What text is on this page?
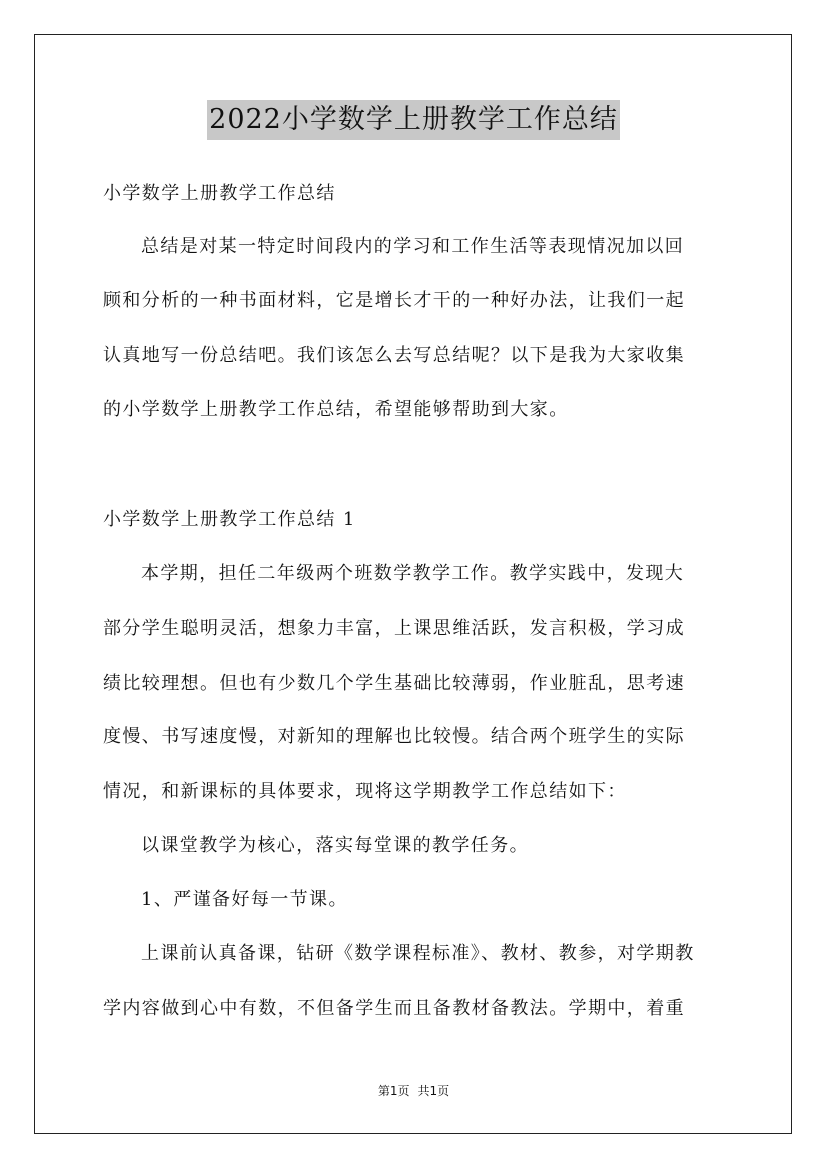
2022小学数学上册教学工作总结
小学数学上册教学工作总结
总结是对某一特定时间段内的学习和工作生活等表现情况加以回
顾和分析的一种书面材料，它是增长才干的一种好办法，让我们一起
认真地写一份总结吧。我们该怎么去写总结呢？以下是我为大家收集
的小学数学上册教学工作总结，希望能够帮助到大家。
小学数学上册教学工作总结 1
本学期，担任二年级两个班数学教学工作。教学实践中，发现大
部分学生聪明灵活，想象力丰富，上课思维活跃，发言积极，学习成
绩比较理想。但也有少数几个学生基础比较薄弱，作业脏乱，思考速
度慢、书写速度慢，对新知的理解也比较慢。结合两个班学生的实际
情况，和新课标的具体要求，现将这学期教学工作总结如下：
以课堂教学为核心，落实每堂课的教学任务。
1、严谨备好每一节课。
上课前认真备课，钻研《数学课程标准》、教材、教参，对学期教
学内容做到心中有数，不但备学生而且备教材备教法。学期中，着重
第1页 共1页
